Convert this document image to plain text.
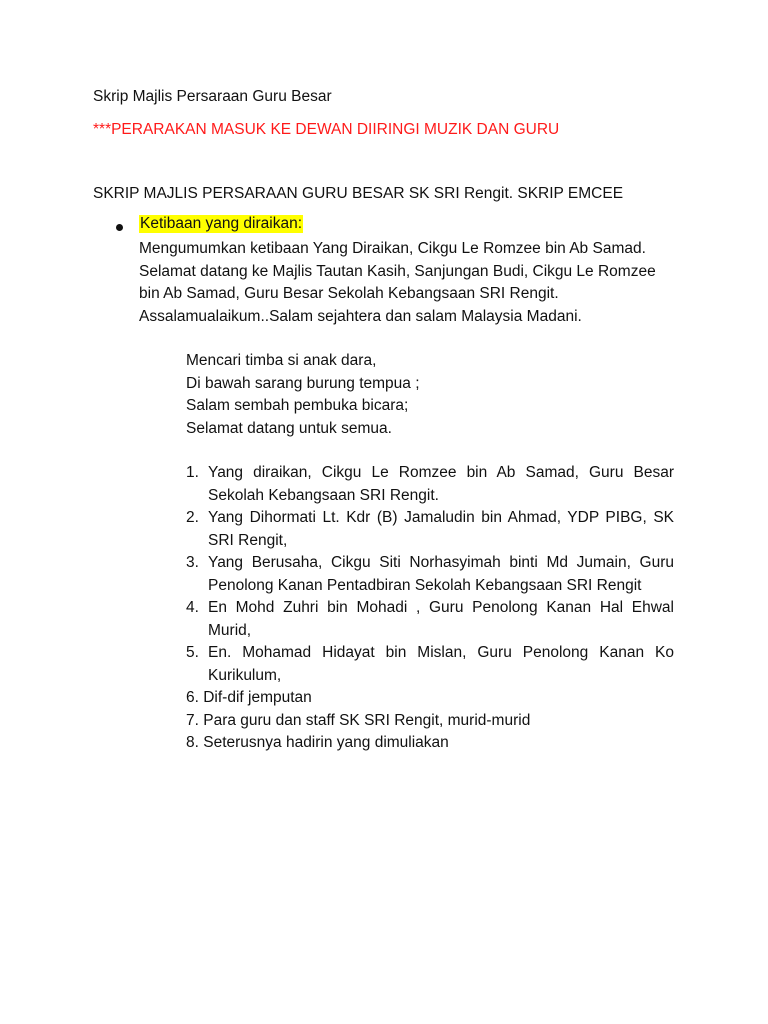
Skrip Majlis Persaraan Guru Besar
***PERARAKAN MASUK KE DEWAN DIIRINGI MUZIK DAN GURU
SKRIP MAJLIS PERSARAAN GURU BESAR SK SRI Rengit. SKRIP EMCEE
Ketibaan yang diraikan:
Mengumumkan ketibaan Yang Diraikan, Cikgu Le Romzee bin Ab Samad. Selamat datang ke Majlis Tautan Kasih, Sanjungan Budi, Cikgu Le Romzee bin Ab Samad, Guru Besar Sekolah Kebangsaan SRI Rengit. Assalamualaikum..Salam sejahtera dan salam Malaysia Madani.
Mencari timba si anak dara,
Di bawah sarang burung tempua ;
Salam sembah pembuka bicara;
Selamat datang untuk semua.
1. Yang diraikan, Cikgu Le Romzee bin Ab Samad, Guru Besar Sekolah Kebangsaan SRI Rengit.
2. Yang Dihormati Lt. Kdr (B) Jamaludin bin Ahmad, YDP PIBG, SK SRI Rengit,
3. Yang Berusaha, Cikgu Siti Norhasyimah binti Md Jumain, Guru Penolong Kanan Pentadbiran Sekolah Kebangsaan SRI Rengit
4. En Mohd Zuhri bin Mohadi , Guru Penolong Kanan Hal Ehwal Murid,
5. En. Mohamad Hidayat bin Mislan, Guru Penolong Kanan Ko Kurikulum,
6. Dif-dif jemputan
7. Para guru dan staff SK SRI Rengit, murid-murid
8. Seterusnya hadirin yang dimuliakan
